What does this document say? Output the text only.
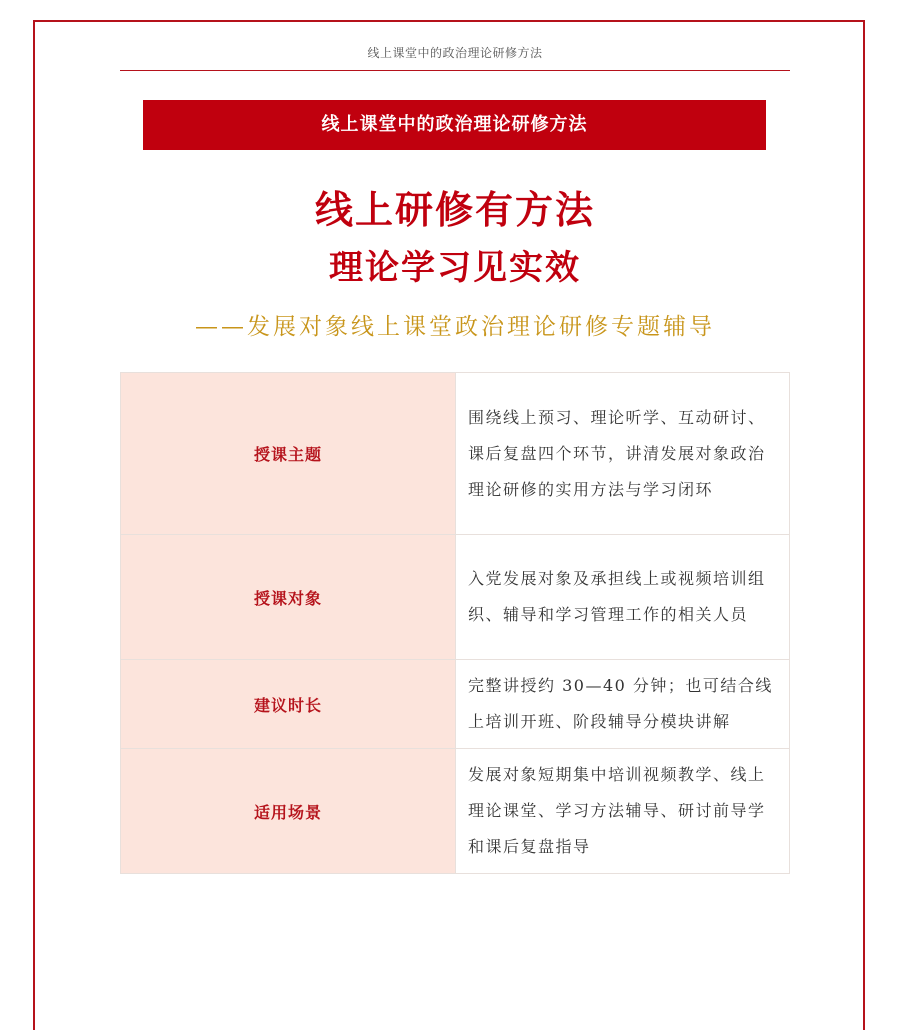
线上课堂中的政治理论研修方法
线上课堂中的政治理论研修方法
线上研修有方法
理论学习见实效
——发展对象线上课堂政治理论研修专题辅导
授课主题	围绕线上预习、理论听学、互动研讨、课后复盘四个环节，讲清发展对象政治理论研修的实用方法与学习闭环
授课对象	入党发展对象及承担线上或视频培训组织、辅导和学习管理工作的相关人员
建议时长	完整讲授约 30—40 分钟；也可结合线上培训开班、阶段辅导分模块讲解
适用场景	发展对象短期集中培训视频教学、线上理论课堂、学习方法辅导、研讨前导学和课后复盘指导
